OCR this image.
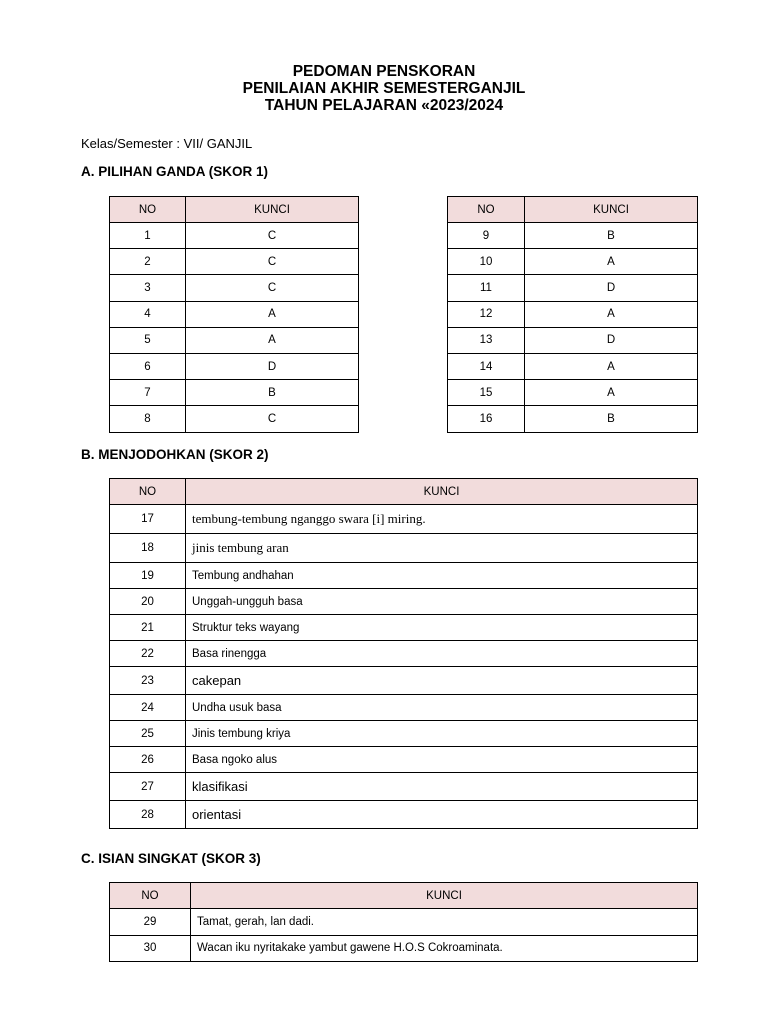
PEDOMAN PENSKORAN
PENILAIAN AKHIR SEMESTERGANJIL
TAHUN PELAJARAN «2023/2024
Kelas/Semester : VII/ GANJIL
A. PILIHAN GANDA (SKOR 1)
NO	KUNCI
1	C
2	C
3	C
4	A
5	A
6	D
7	B
8	C
NO	KUNCI
9	B
10	A
11	D
12	A
13	D
14	A
15	A
16	B
B. MENJODOHKAN (SKOR 2)
NO	KUNCI
17	tembung-tembung nganggo swara [i] miring.
18	jinis tembung aran
19	Tembung andhahan
20	Unggah-ungguh basa
21	Struktur teks wayang
22	Basa rinengga
23	cakepan
24	Undha usuk basa
25	Jinis tembung kriya
26	Basa ngoko alus
27	klasifikasi
28	orientasi
C. ISIAN SINGKAT (SKOR 3)
NO	KUNCI
29	Tamat, gerah, lan dadi.
30	Wacan iku nyritakake yambut gawene H.O.S Cokroaminata.
